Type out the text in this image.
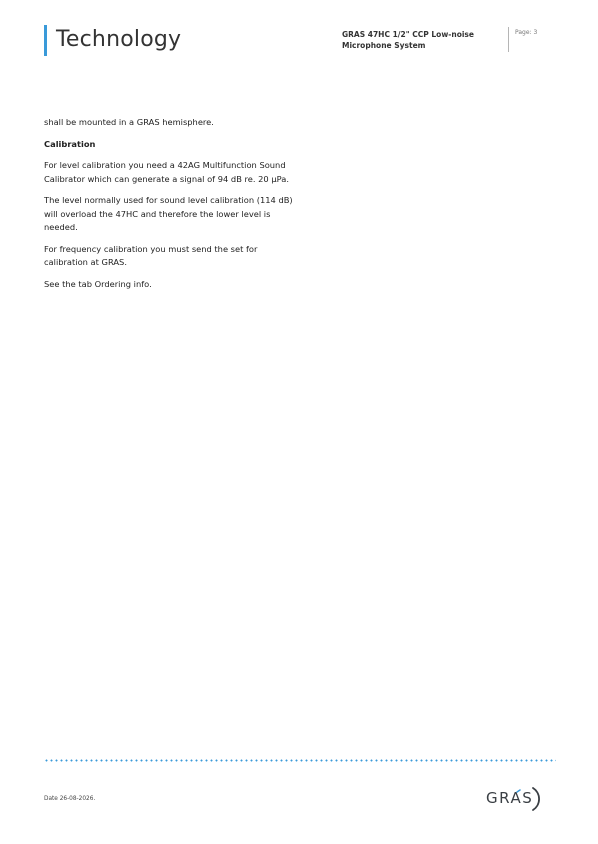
Technology	GRAS 47HC 1/2" CCP Low-noise Microphone System
Page: 3

shall be mounted in a GRAS hemisphere.

Calibration

For level calibration you need a 42AG Multifunction Sound Calibrator which can generate a signal of 94 dB re. 20 µPa.

The level normally used for sound level calibration (114 dB) will overload the 47HC and therefore the lower level is needed.

For frequency calibration you must send the set for calibration at GRAS.

See the tab Ordering info.

Date 26-08-2026.	GRAS
